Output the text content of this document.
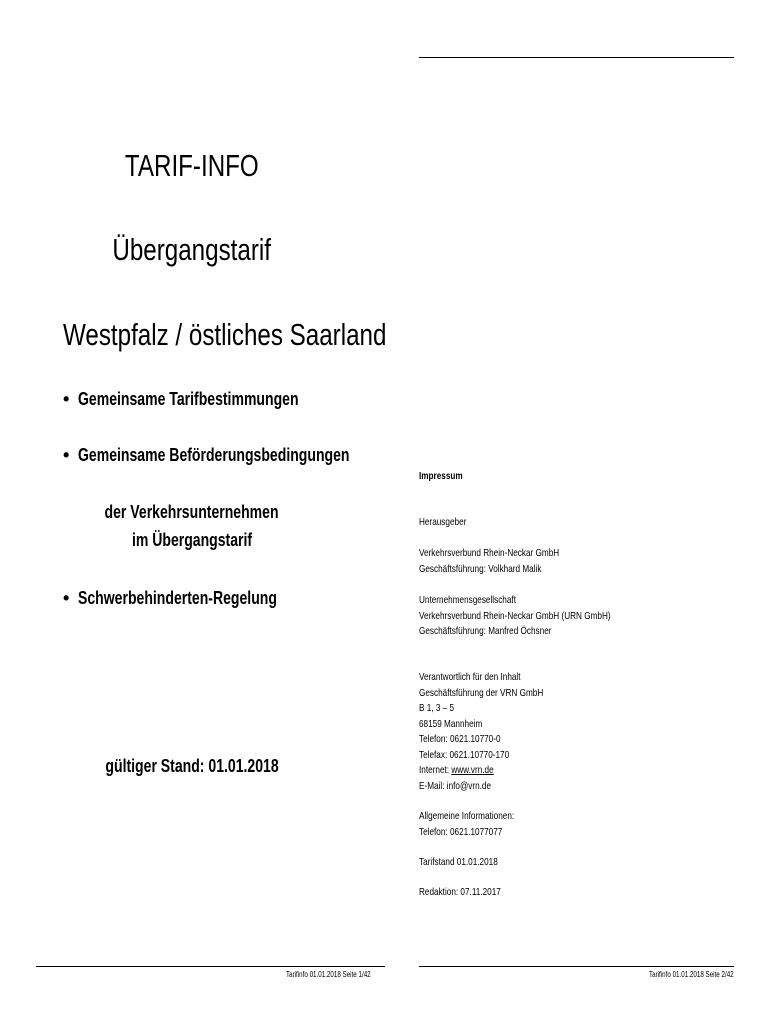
TARIF-INFO
Übergangstarif
Westpfalz / östliches Saarland
• Gemeinsame Tarifbestimmungen
• Gemeinsame Beförderungsbedingungen
der Verkehrsunternehmen
im Übergangstarif
• Schwerbehinderten-Regelung
gültiger Stand: 01.01.2018
Tarifinfo 01.01.2018 Seite 1/42
Impressum
Herausgeber
Verkehrsverbund Rhein-Neckar GmbH
Geschäftsführung: Volkhard Malik
Unternehmensgesellschaft
Verkehrsverbund Rhein-Neckar GmbH (URN GmbH)
Geschäftsführung: Manfred Öchsner
Verantwortlich für den Inhalt
Geschäftsführung der VRN GmbH
B 1, 3 – 5
68159 Mannheim
Telefon: 0621.10770-0
Telefax: 0621.10770-170
Internet: www.vrn.de
E-Mail: info@vrn.de
Allgemeine Informationen:
Telefon: 0621.1077077
Tarifstand 01.01.2018
Redaktion: 07.11.2017
Tarifinfo 01.01.2018 Seite 2/42
